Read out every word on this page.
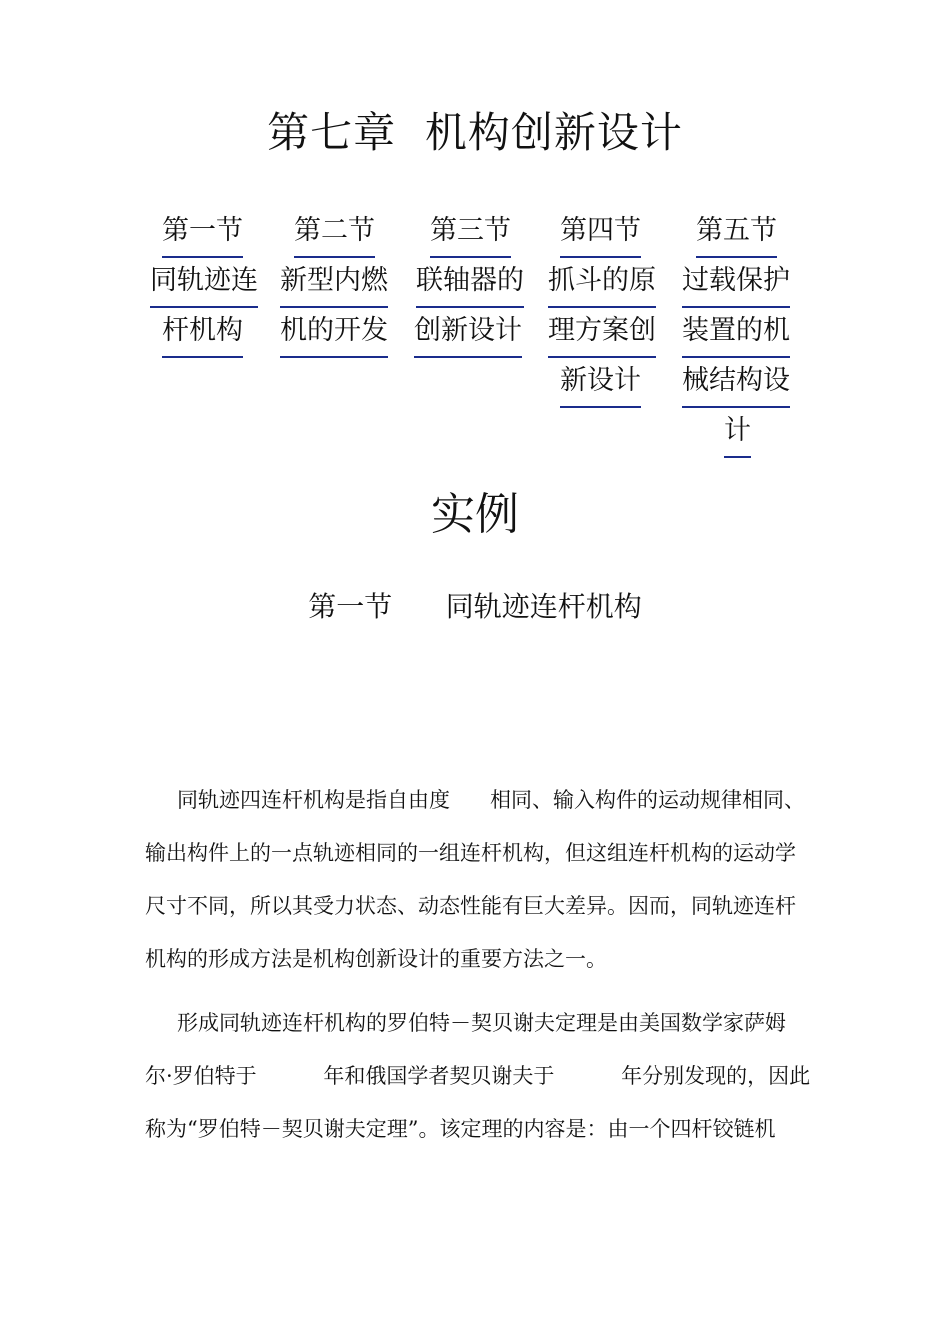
第七章  机构创新设计
第一节
同轨迹连
杆机构
第二节
新型内燃
机的开发
第三节
联轴器的
创新设计
第四节
抓斗的原
理方案创
新设计
第五节
过载保护
装置的机
械结构设
计
实例
第一节      同轨迹连杆机构
同轨迹四连杆机构是指自由度      相同、输入构件的运动规律相同、
输出构件上的一点轨迹相同的一组连杆机构，但这组连杆机构的运动学
尺寸不同，所以其受力状态、动态性能有巨大差异。因而，同轨迹连杆
机构的形成方法是机构创新设计的重要方法之一。
形成同轨迹连杆机构的罗伯特－契贝谢夫定理是由美国数学家萨姆
尔·罗伯特于          年和俄国学者契贝谢夫于          年分别发现的，因此
称为“罗伯特－契贝谢夫定理”。该定理的内容是：由一个四杆铰链机
